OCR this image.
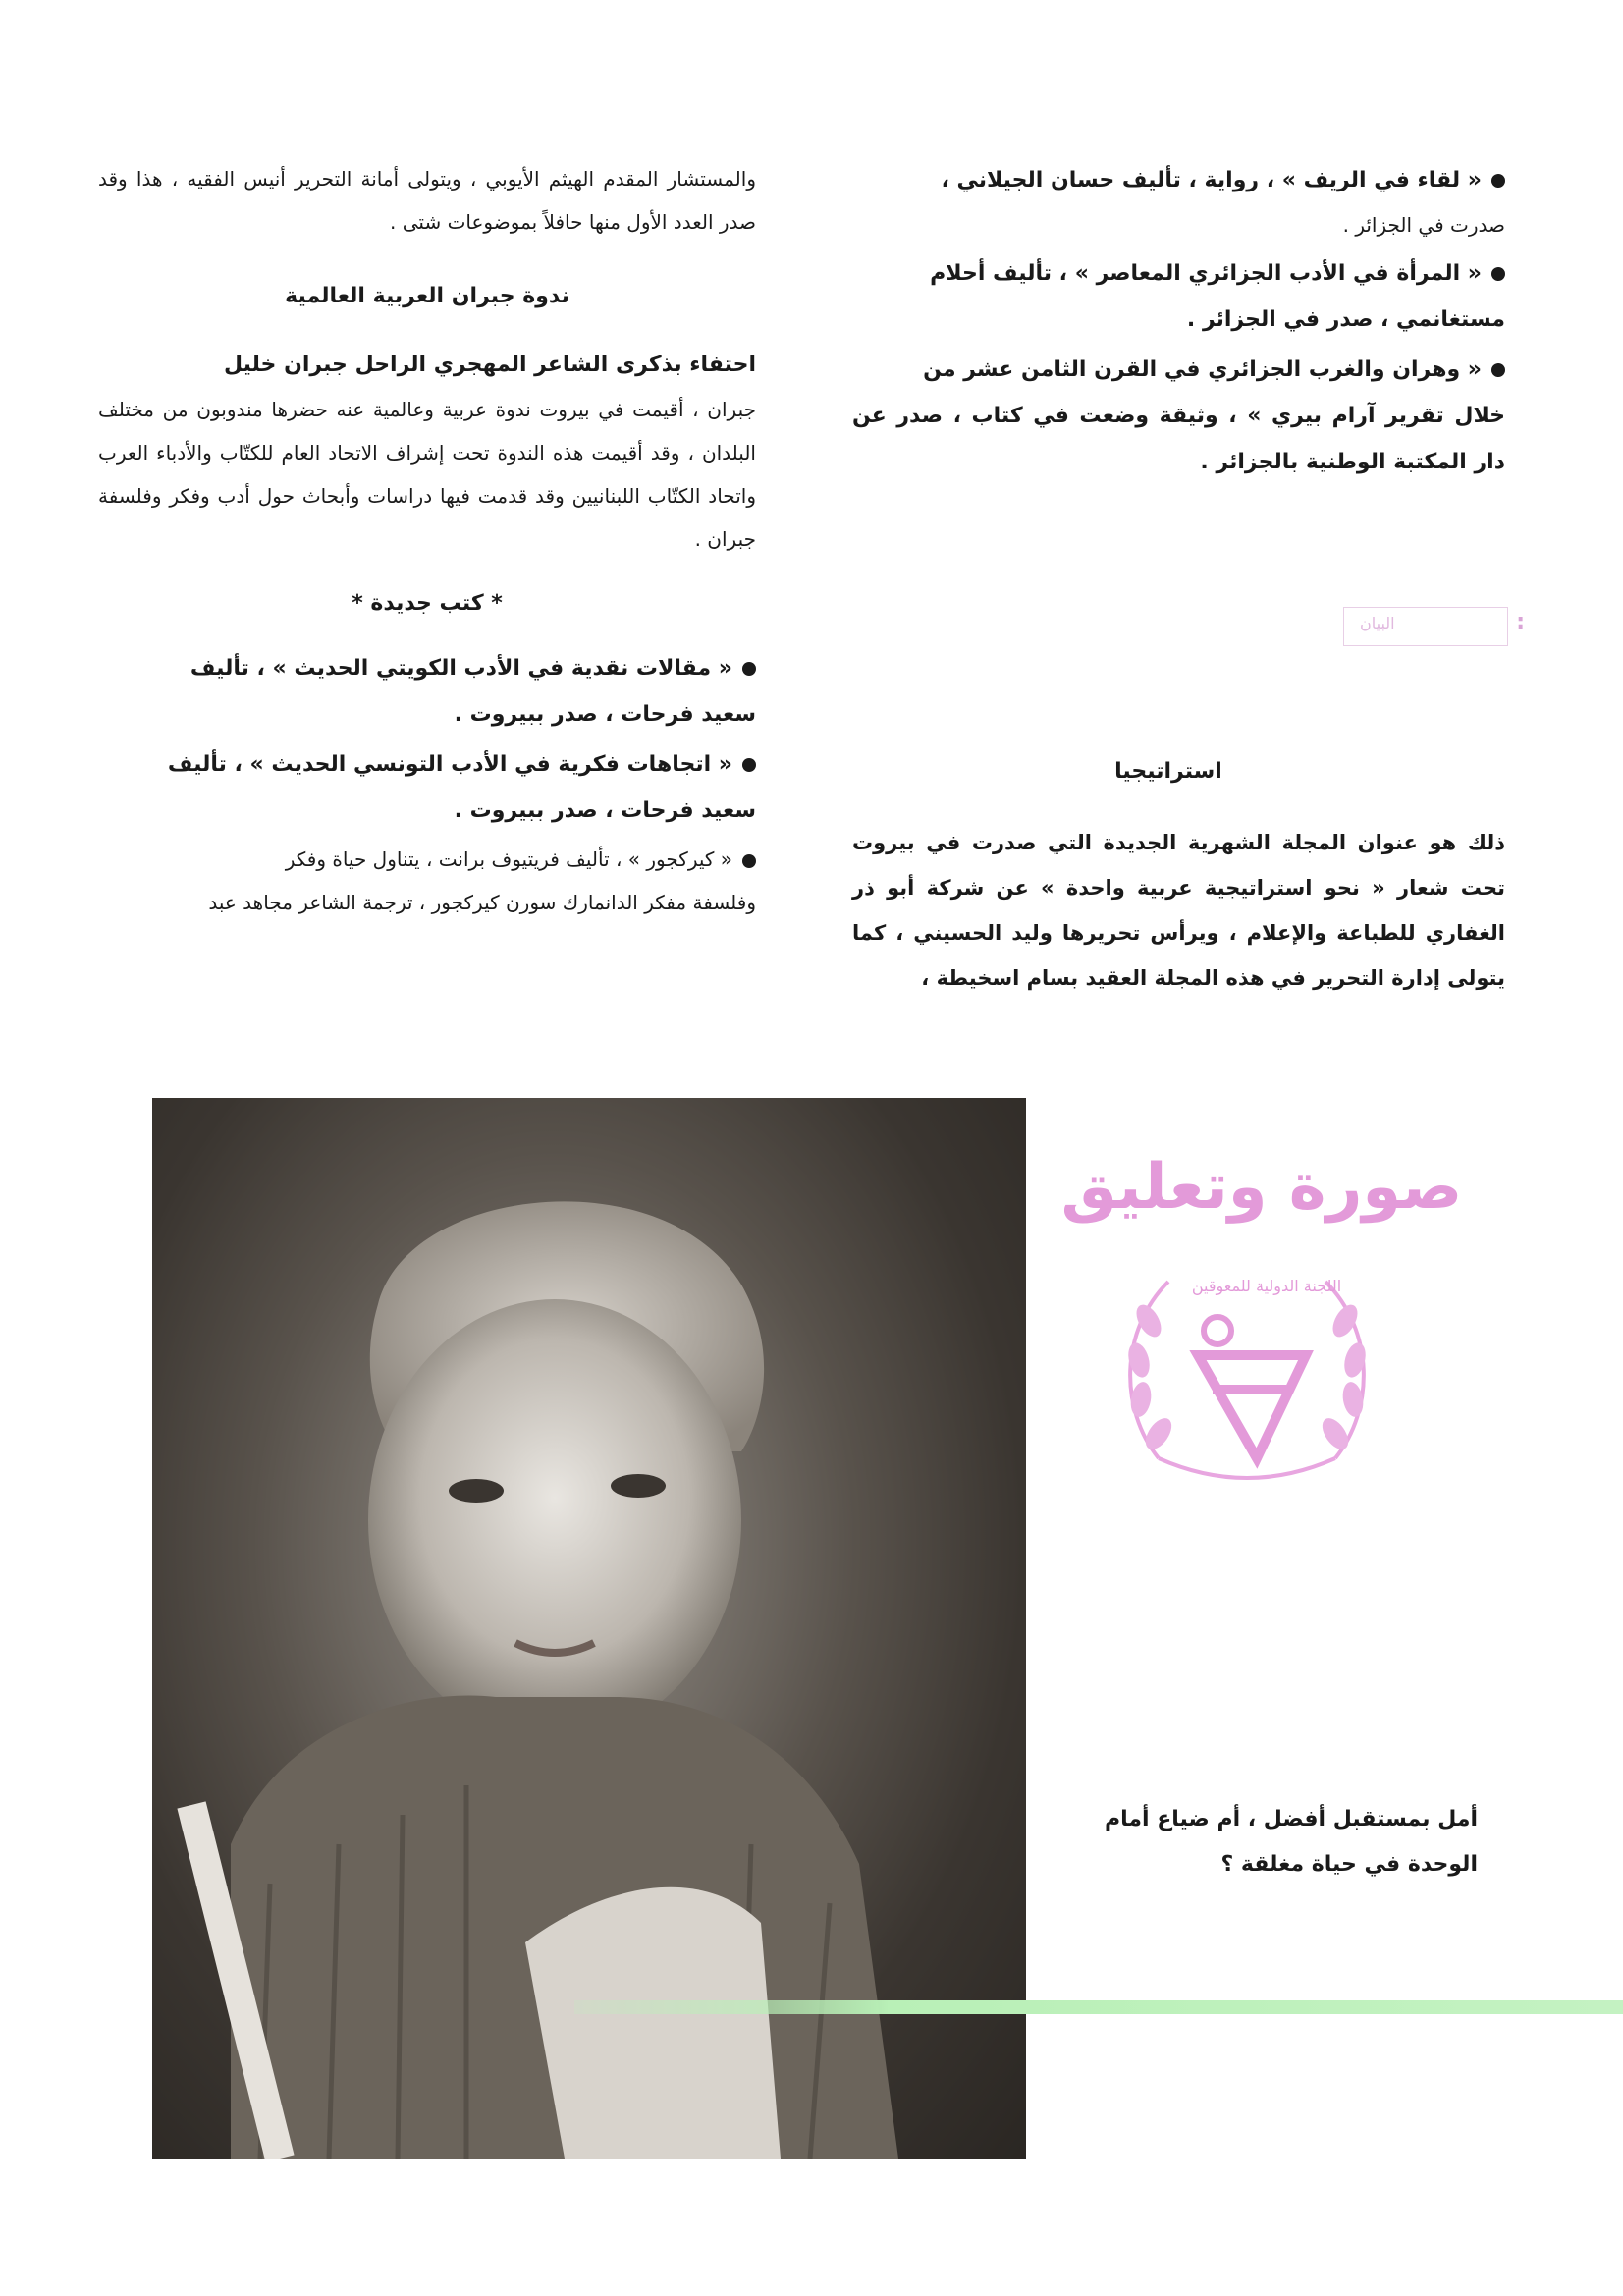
« لقاء في الريف » ، رواية ، تأليف حسان الجيلاني ،

صدرت في الجزائر .

« المرأة في الأدب الجزائري المعاصر » ، تأليف أحلام

مستغانمي ، صدر في الجزائر .

« وهران والغرب الجزائري في القرن الثامن عشر من

خلال تقرير آرام بيري » ، وثيقة وضعت في كتاب ، صدر عن دار المكتبة الوطنية بالجزائر .

البيان	:
استراتيجيا

ذلك هو عنوان المجلة الشهرية الجديدة التي صدرت في بيروت تحت شعار « نحو استراتيجية عربية واحدة » عن شركة أبو ذر الغفاري للطباعة والإعلام ، ويرأس تحريرها وليد الحسيني ، كما يتولى إدارة التحرير في هذه المجلة العقيد بسام اسخيطة ،

والمستشار المقدم الهيثم الأيوبي ، ويتولى أمانة التحرير أنيس الفقيه ، هذا وقد صدر العدد الأول منها حافلاً بموضوعات شتى .

ندوة جبران العربية العالمية

احتفاء بذكرى الشاعر المهجري الراحل جبران خليل

جبران ، أقيمت في بيروت ندوة عربية وعالمية عنه حضرها مندوبون من مختلف البلدان ، وقد أقيمت هذه الندوة تحت إشراف الاتحاد العام للكتّاب والأدباء العرب واتحاد الكتّاب اللبنانيين وقد قدمت فيها دراسات وأبحاث حول أدب وفكر وفلسفة جبران .

* كتب جديدة *

« مقالات نقدية في الأدب الكويتي الحديث » ، تأليف

سعيد فرحات ، صدر ببيروت .

« اتجاهات فكرية في الأدب التونسي الحديث » ، تأليف

سعيد فرحات ، صدر ببيروت .

« كيركجور » ، تأليف فريتيوف برانت ، يتناول حياة وفكر

وفلسفة مفكر الدانمارك سورن كيركجور ، ترجمة الشاعر مجاهد عبد

صورة وتعليق
اللجنة الدولية للمعوقين
أمل بمستقبل أفضل ، أم ضياع أمام
الوحدة في حياة مغلقة ؟
